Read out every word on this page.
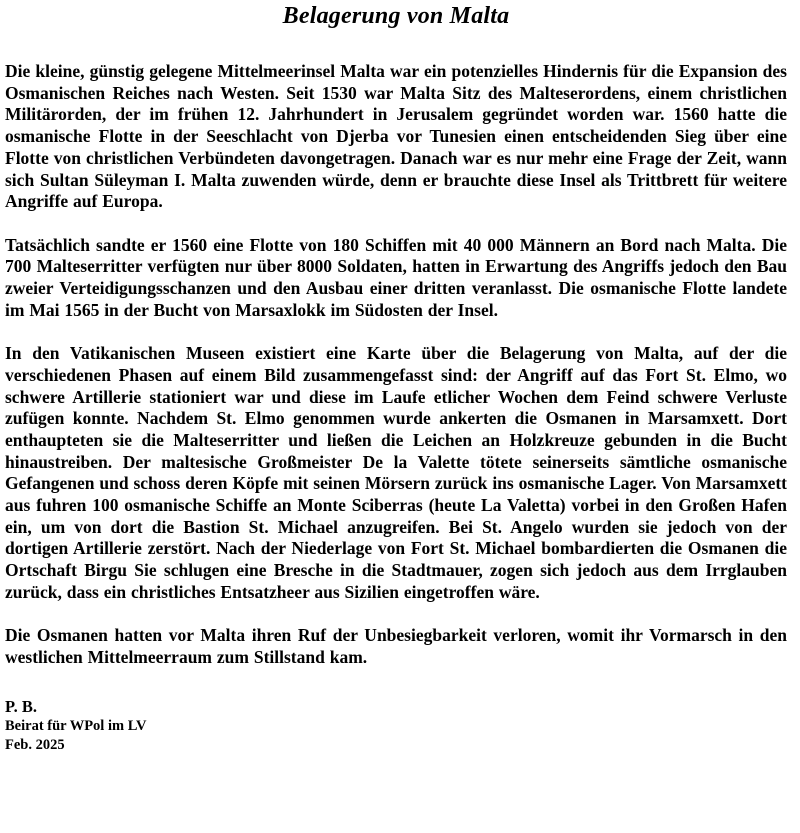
Belagerung von Malta

Die kleine, günstig gelegene Mittelmeerinsel Malta war ein potenzielles Hindernis für die Expansion des Osmanischen Reiches nach Westen. Seit 1530 war Malta Sitz des Malteserordens, einem christlichen Militärorden, der im frühen 12. Jahrhundert in Jerusalem gegründet worden war. 1560 hatte die osmanische Flotte in der Seeschlacht von Djerba vor Tunesien einen entscheidenden Sieg über eine Flotte von christlichen Verbündeten davongetragen. Danach war es nur mehr eine Frage der Zeit, wann sich Sultan Süleyman I. Malta zuwenden würde, denn er brauchte diese Insel als Trittbrett für weitere Angriffe auf Europa.

Tatsächlich sandte er 1560 eine Flotte von 180 Schiffen mit 40 000 Männern an Bord nach Malta. Die 700 Malteserritter verfügten nur über 8000 Soldaten, hatten in Erwartung des Angriffs jedoch den Bau zweier Verteidigungsschanzen und den Ausbau einer dritten veranlasst. Die osmanische Flotte landete im Mai 1565 in der Bucht von Marsaxlokk im Südosten der Insel.

In den Vatikanischen Museen existiert eine Karte über die Belagerung von Malta, auf der die verschiedenen Phasen auf einem Bild zusammengefasst sind: der Angriff auf das Fort St. Elmo, wo schwere Artillerie stationiert war und diese im Laufe etlicher Wochen dem Feind schwere Verluste zufügen konnte. Nachdem St. Elmo genommen wurde ankerten die Osmanen in Marsamxett. Dort enthaupteten sie die Malteserritter und ließen die Leichen an Holzkreuze gebunden in die Bucht hinaustreiben. Der maltesische Großmeister De la Valette tötete seinerseits sämtliche osmanische Gefangenen und schoss deren Köpfe mit seinen Mörsern zurück ins osmanische Lager. Von Marsamxett aus fuhren 100 osmanische Schiffe an Monte Sciberras (heute La Valetta) vorbei in den Großen Hafen ein, um von dort die Bastion St. Michael anzugreifen. Bei St. Angelo wurden sie jedoch von der dortigen Artillerie zerstört. Nach der Niederlage von Fort St. Michael bombardierten die Osmanen die Ortschaft Birgu Sie schlugen eine Bresche in die Stadtmauer, zogen sich jedoch aus dem Irrglauben zurück, dass ein christliches Entsatzheer aus Sizilien eingetroffen wäre.

Die Osmanen hatten vor Malta ihren Ruf der Unbesiegbarkeit verloren, womit ihr Vormarsch in den westlichen Mittelmeerraum zum Stillstand kam.

P. B.

Beirat für WPol im LV

Feb. 2025
